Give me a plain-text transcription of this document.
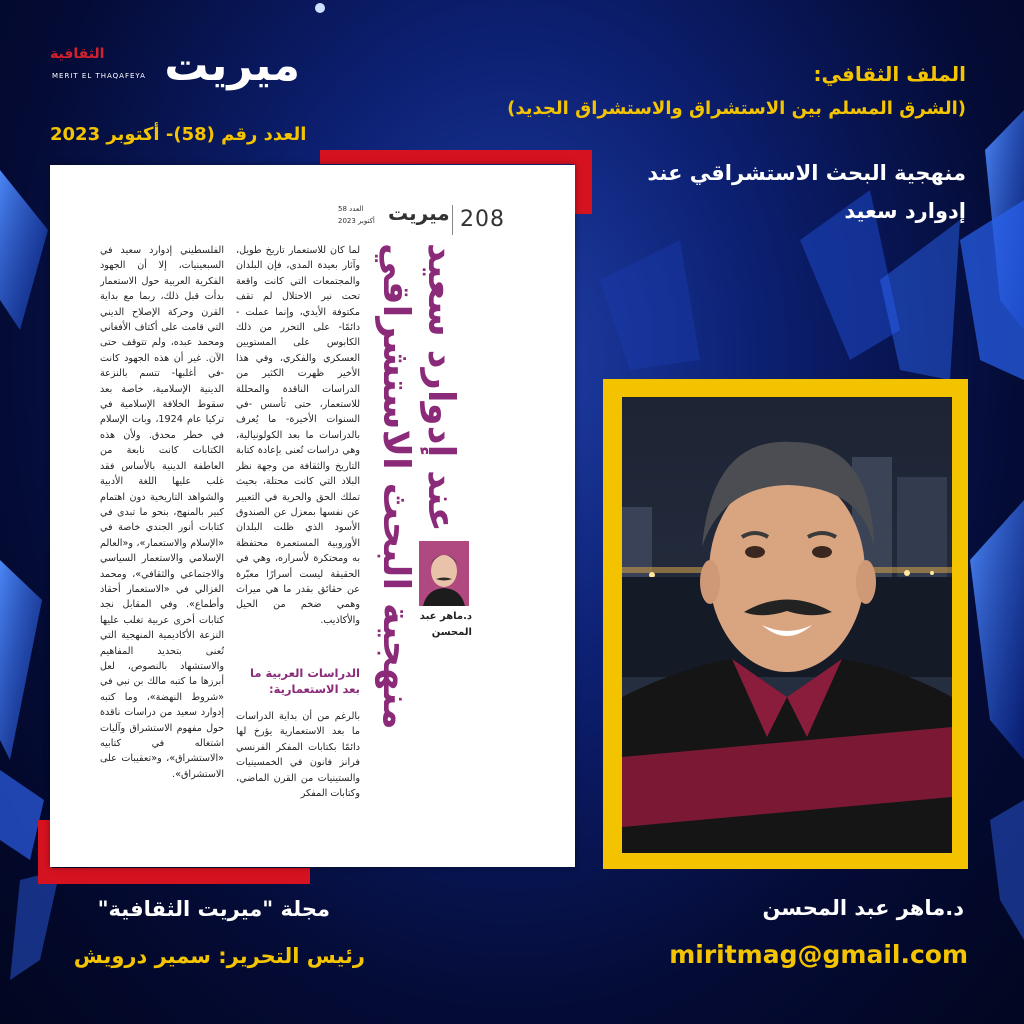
ميريت
الثقافية
MERIT EL THAQAFEYA
العدد رقم (58)- أكتوبر 2023
الملف الثقافي:
(الشرق المسلم بين الاستشراق والاستشراق الجديد)
منهجية البحث الاستشراقي عند
إدوارد سعيد
208
ميريت
العدد 58
أكتوبر 2023
منهجية البحث الاستشراقي عند إدوارد سعيد
د.ماهر عبد المحسن
لما كان للاستعمار تاريخ طويل، وآثار بعيدة المدى، فإن البلدان والمجتمعات التي كانت واقعة تحت نير الاحتلال لم تقف مكتوفة الأيدي، وإنما عملت - دائمًا- على التحرر من ذلك الكابوس على المستويين العسكري والفكري، وفي هذا الأخير ظهرت الكثير من الدراسات الناقدة والمحللة للاستعمار، حتى تأسس -في السنوات الأخيرة- ما يُعرف بالدراسات ما بعد الكولونيالية، وهي دراسات تُعنى بإعادة كتابة التاريخ والثقافة من وجهة نظر البلاد التي كانت محتلة، بحيث تملك الحق والحرية في التعبير عن نفسها بمعزل عن الصندوق الأسود الذي ظلت البلدان الأوروبية المستعمرة محتفظة به ومحتكرة لأسراره، وهي في الحقيقة ليست أسرارًا معبّرة عن حقائق بقدر ما هي ميراث وهمي ضخم من الحيل والأكاذيب.
الدراسات العربية ما بعد الاستعمارية:
بالرغم من أن بداية الدراسات ما بعد الاستعمارية يؤرخ لها دائمًا بكتابات المفكر الفرنسي فرانز فانون في الخمسينيات والستينيات من القرن الماضي، وكتابات المفكر
الفلسطيني إدوارد سعيد في السبعينيات، إلا أن الجهود الفكرية العربية حول الاستعمار بدأت قبل ذلك، ربما مع بداية القرن وحركة الإصلاح الديني التي قامت على أكتاف الأفغاني ومحمد عبده، ولم تتوقف حتى الآن. غير أن هذه الجهود كانت -في أغلبها- تتسم بالنزعة الدينية الإسلامية، خاصة بعد سقوط الخلافة الإسلامية في تركيا عام 1924، وبات الإسلام في خطر محدق. ولأن هذه الكتابات كانت نابعة من العاطفة الدينية بالأساس فقد غلب عليها اللغة الأدبية والشواهد التاريخية دون اهتمام كبير بالمنهج، بنحو ما تبدى في كتابات أنور الجندي خاصة في «الإسلام والاستعمار»، و«العالم الإسلامي والاستعمار السياسي والاجتماعي والثقافي»، ومحمد الغزالي في «الاستعمار أحقاد وأطماع». وفي المقابل نجد كتابات أخرى عربية تغلب عليها النزعة الأكاديمية المنهجية التي تُعنى بتحديد المفاهيم والاستشهاد بالنصوص، لعل أبرزها ما كتبه مالك بن نبي في «شروط النهضة»، وما كتبه إدوارد سعيد من دراسات ناقدة حول مفهوم الاستشراق وآليات اشتغاله في كتابيه «الاستشراق»، و«تعقيبات على الاستشراق».
د.ماهر عبد المحسن
miritmag@gmail.com
مجلة "ميريت الثقافية"
رئيس التحرير: سمير درويش
